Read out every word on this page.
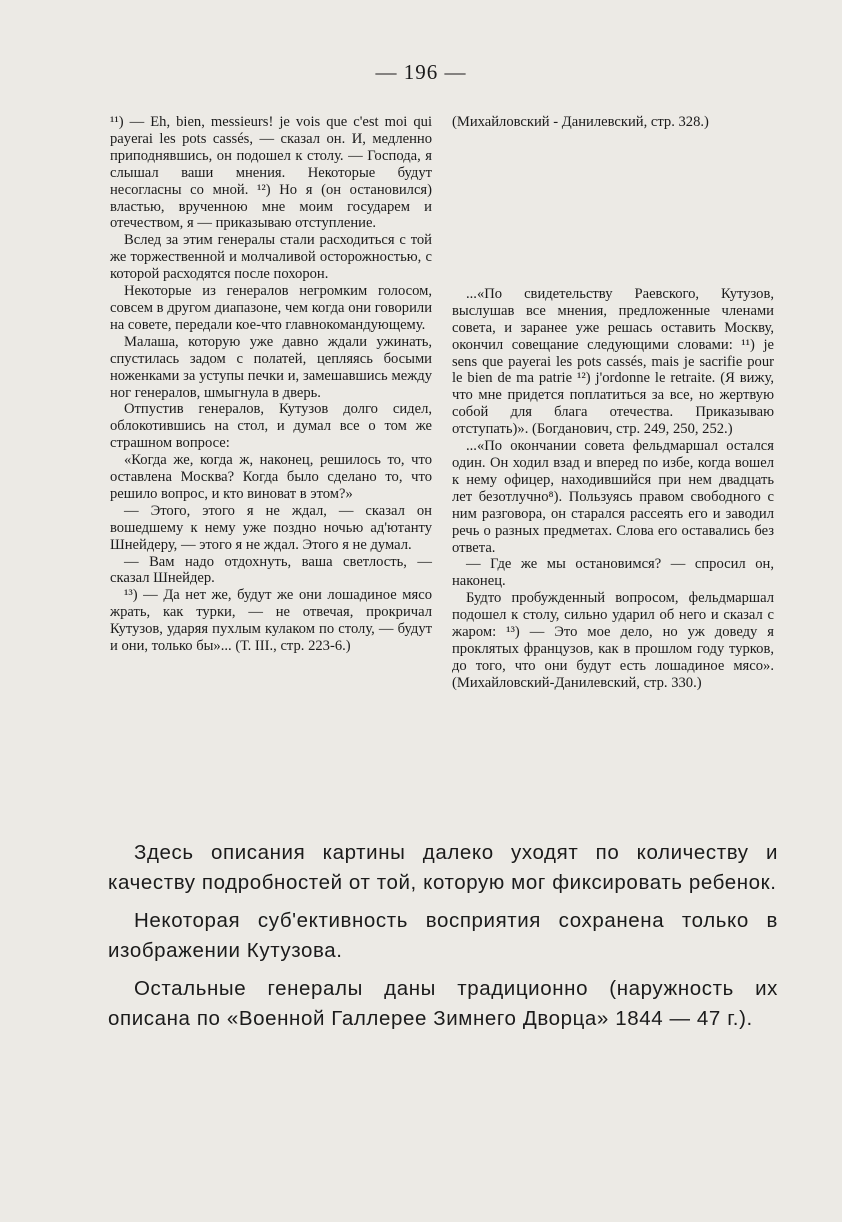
— 196 —

¹¹) — Eh, bien, messieurs! je vois que c'est moi qui payerai les pots cassés, — сказал он. И, медленно приподнявшись, он подошел к столу. — Господа, я слышал ваши мнения. Некоторые будут несогласны со мной. ¹²) Но я (он остановился) властью, врученною мне моим государем и отечеством, я — приказываю отступление.

Вслед за этим генералы стали расходиться с той же торжественной и молчаливой осторожностью, с которой расходятся после похорон.

Некоторые из генералов негромким голосом, совсем в другом диапазоне, чем когда они говорили на совете, передали кое-что главнокомандующему.

Малаша, которую уже давно ждали ужинать, спустилась задом с полатей, цепляясь босыми ноженками за уступы печки и, замешавшись между ног генералов, шмыгнула в дверь.

Отпустив генералов, Кутузов долго сидел, облокотившись на стол, и думал все о том же страшном вопросе:

«Когда же, когда ж, наконец, решилось то, что оставлена Москва? Когда было сделано то, что решило вопрос, и кто виноват в этом?»

— Этого, этого я не ждал, — сказал он вошедшему к нему уже поздно ночью ад'ютанту Шнейдеру, — этого я не ждал. Этого я не думал.

— Вам надо отдохнуть, ваша светлость, — сказал Шнейдер.

¹³) — Да нет же, будут же они лошадиное мясо жрать, как турки, — не отвечая, прокричал Кутузов, ударяя пухлым кулаком по столу, — будут и они, только бы»... (Т. III., стр. 223-6.)

(Михайловский - Данилевский, стр. 328.)

...«По свидетельству Раевского, Кутузов, выслушав все мнения, предложенные членами совета, и заранее уже решась оставить Москву, окончил совещание следующими словами: ¹¹) je sens que payerai les pots cassés, mais je sacrifie pour le bien de ma patrie ¹²) j'ordonne le retraite. (Я вижу, что мне придется поплатиться за все, но жертвую собой для блага отечества. Приказываю отступать)». (Богданович, стр. 249, 250, 252.)

...«По окончании совета фельдмаршал остался один. Он ходил взад и вперед по избе, когда вошел к нему офицер, находившийся при нем двадцать лет безотлучно⁸). Пользуясь правом свободного с ним разговора, он старался рассеять его и заводил речь о разных предметах. Слова его оставались без ответа.

— Где же мы остановимся? — спросил он, наконец.

Будто пробужденный вопросом, фельдмаршал подошел к столу, сильно ударил об него и сказал с жаром: ¹³) — Это мое дело, но уж доведу я проклятых французов, как в прошлом году турков, до того, что они будут есть лошадиное мясо». (Михайловский-Данилевский, стр. 330.)

Здесь описания картины далеко уходят по количеству и качеству подробностей от той, которую мог фиксировать ребенок.

Некоторая суб'ективность восприятия сохранена только в изображении Кутузова.

Остальные генералы даны традиционно (наружность их описана по «Военной Галлерее Зимнего Дворца» 1844 — 47 г.).
